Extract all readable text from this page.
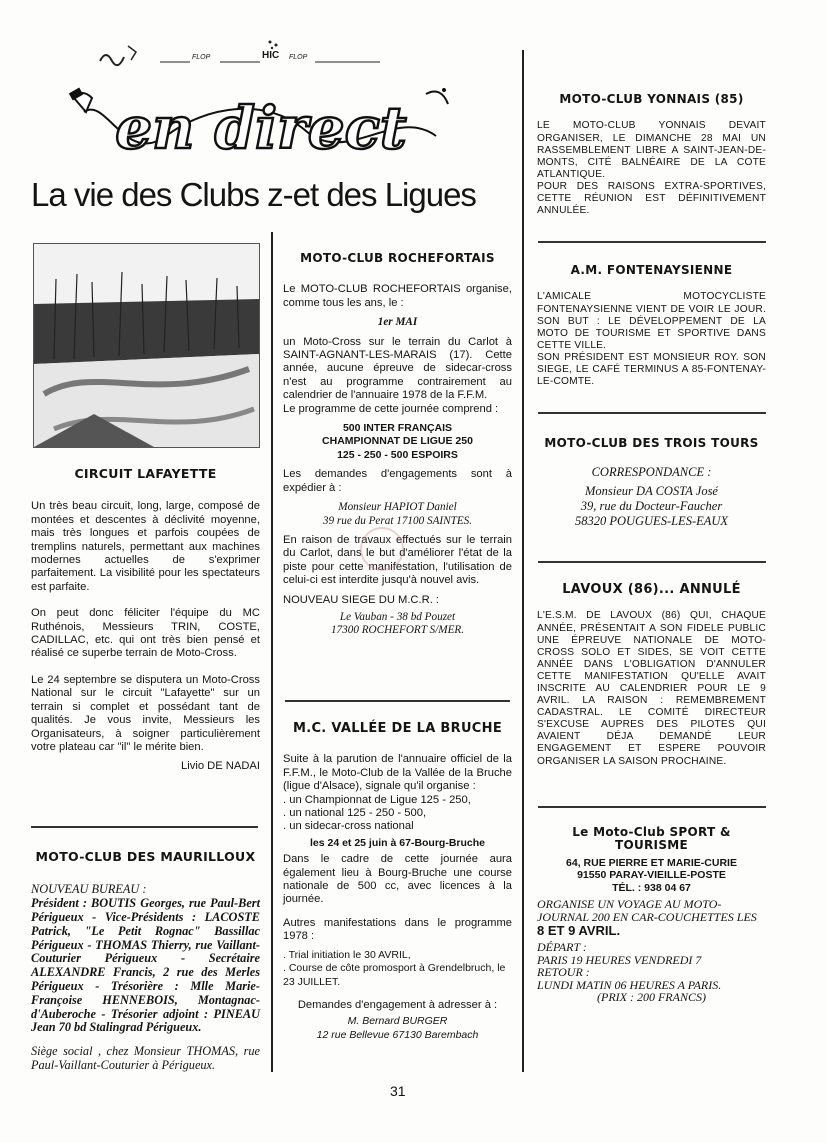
FLOP	HIC FLOP
en direct
La vie des Clubs z-et des Ligues

CIRCUIT LAFAYETTE

Un très beau circuit, long, large, composé de montées et descentes à déclivité moyenne, mais très longues et parfois coupées de tremplins naturels, permettant aux machines modernes actuelles de s'exprimer parfaitement. La visibilité pour les spectateurs est parfaite.

On peut donc féliciter l'équipe du MC Ruthénois, Messieurs TRIN, COSTE, CADILLAC, etc. qui ont très bien pensé et réalisé ce superbe terrain de Moto-Cross.

Le 24 septembre se disputera un Moto-Cross National sur le circuit "Lafayette" sur un terrain si complet et possédant tant de qualités. Je vous invite, Messieurs les Organisateurs, à soigner particulièrement votre plateau car "il" le mérite bien.

Livio DE NADAI

MOTO-CLUB DES MAURILLOUX

NOUVEAU BUREAU :

Président : BOUTIS Georges, rue Paul-Bert Périgueux - Vice-Présidents : LACOSTE Patrick, "Le Petit Rognac" Bassillac Périgueux - THOMAS Thierry, rue Vaillant-Couturier Périgueux - Secrétaire ALEXANDRE Francis, 2 rue des Merles Périgueux - Trésorière : Mlle Marie-Françoise HENNEBOIS, Montagnac-d'Auberoche - Trésorier adjoint : PINEAU Jean 70 bd Stalingrad Périgueux.

Siège social , chez Monsieur THOMAS, rue Paul-Vaillant-Couturier à Périgueux.

MOTO-CLUB ROCHEFORTAIS

Le MOTO-CLUB ROCHEFORTAIS organise, comme tous les ans, le :

1er MAI

un Moto-Cross sur le terrain du Carlot à SAINT-AGNANT-LES-MARAIS (17). Cette année, aucune épreuve de sidecar-cross n'est au programme contrairement au calendrier de l'annuaire 1978 de la F.F.M.

Le programme de cette journée comprend :

500 INTER FRANÇAIS

CHAMPIONNAT DE LIGUE 250

125 - 250 - 500 ESPOIRS

Les demandes d'engagements sont à expédier à :

Monsieur HAPIOT Daniel

39 rue du Perat 17100 SAINTES.

En raison de travaux effectués sur le terrain du Carlot, dans le but d'améliorer l'état de la piste pour cette manifestation, l'utilisation de celui-ci est interdite jusqu'à nouvel avis.

NOUVEAU SIEGE DU M.C.R. :

Le Vauban - 38 bd Pouzet

17300 ROCHEFORT S/MER.

M.C. VALLÉE DE LA BRUCHE

Suite à la parution de l'annuaire officiel de la F.F.M., le Moto-Club de la Vallée de la Bruche (ligue d'Alsace), signale qu'il organise :

. un Championnat de Ligue 125 - 250,

. un national 125 - 250 - 500,

. un sidecar-cross national

les 24 et 25 juin à 67-Bourg-Bruche

Dans le cadre de cette journée aura également lieu à Bourg-Bruche une course nationale de 500 cc, avec licences à la journée.

Autres manifestations dans le programme 1978 :

. Trial initiation le 30 AVRIL,

. Course de côte promosport à Grendelbruch, le 23 JUILLET.

Demandes d'engagement à adresser à :

M. Bernard BURGER

12 rue Bellevue 67130 Barembach

MOTO-CLUB YONNAIS (85)

LE MOTO-CLUB YONNAIS DEVAIT ORGANISER, LE DIMANCHE 28 MAI UN RASSEMBLEMENT LIBRE A SAINT-JEAN-DE-MONTS, CITÉ BALNÉAIRE DE LA COTE ATLANTIQUE.

POUR DES RAISONS EXTRA-SPORTIVES, CETTE RÉUNION EST DÉFINITIVEMENT ANNULÉE.

A.M. FONTENAYSIENNE

L'AMICALE MOTOCYCLISTE FONTENAYSIENNE VIENT DE VOIR LE JOUR. SON BUT : LE DÉVELOPPEMENT DE LA MOTO DE TOURISME ET SPORTIVE DANS CETTE VILLE.

SON PRÉSIDENT EST MONSIEUR ROY. SON SIEGE, LE CAFÉ TERMINUS A 85-FONTENAY-LE-COMTE.

MOTO-CLUB DES TROIS TOURS

CORRESPONDANCE :

Monsieur DA COSTA José

39, rue du Docteur-Faucher

58320 POUGUES-LES-EAUX

LAVOUX (86)... ANNULÉ

L'E.S.M. DE LAVOUX (86) QUI, CHAQUE ANNÉE, PRÉSENTAIT A SON FIDELE PUBLIC UNE ÉPREUVE NATIONALE DE MOTO-CROSS SOLO ET SIDES, SE VOIT CETTE ANNÉE DANS L'OBLIGATION D'ANNULER CETTE MANIFESTATION QU'ELLE AVAIT INSCRITE AU CALENDRIER POUR LE 9 AVRIL. LA RAISON : REMEMBREMENT CADASTRAL. LE COMITÉ DIRECTEUR S'EXCUSE AUPRES DES PILOTES QUI AVAIENT DÉJA DEMANDÉ LEUR ENGAGEMENT ET ESPERE POUVOIR ORGANISER LA SAISON PROCHAINE.

Le Moto-Club SPORT & TOURISME

64, RUE PIERRE ET MARIE-CURIE

91550 PARAY-VIEILLE-POSTE

TÉL. : 938 04 67

ORGANISE UN VOYAGE AU MOTO-JOURNAL 200 EN CAR-COUCHETTES LES 8 ET 9 AVRIL.

DÉPART :

PARIS 19 HEURES VENDREDI 7

RETOUR :

LUNDI MATIN 06 HEURES A PARIS.

(PRIX : 200 FRANCS)

31
